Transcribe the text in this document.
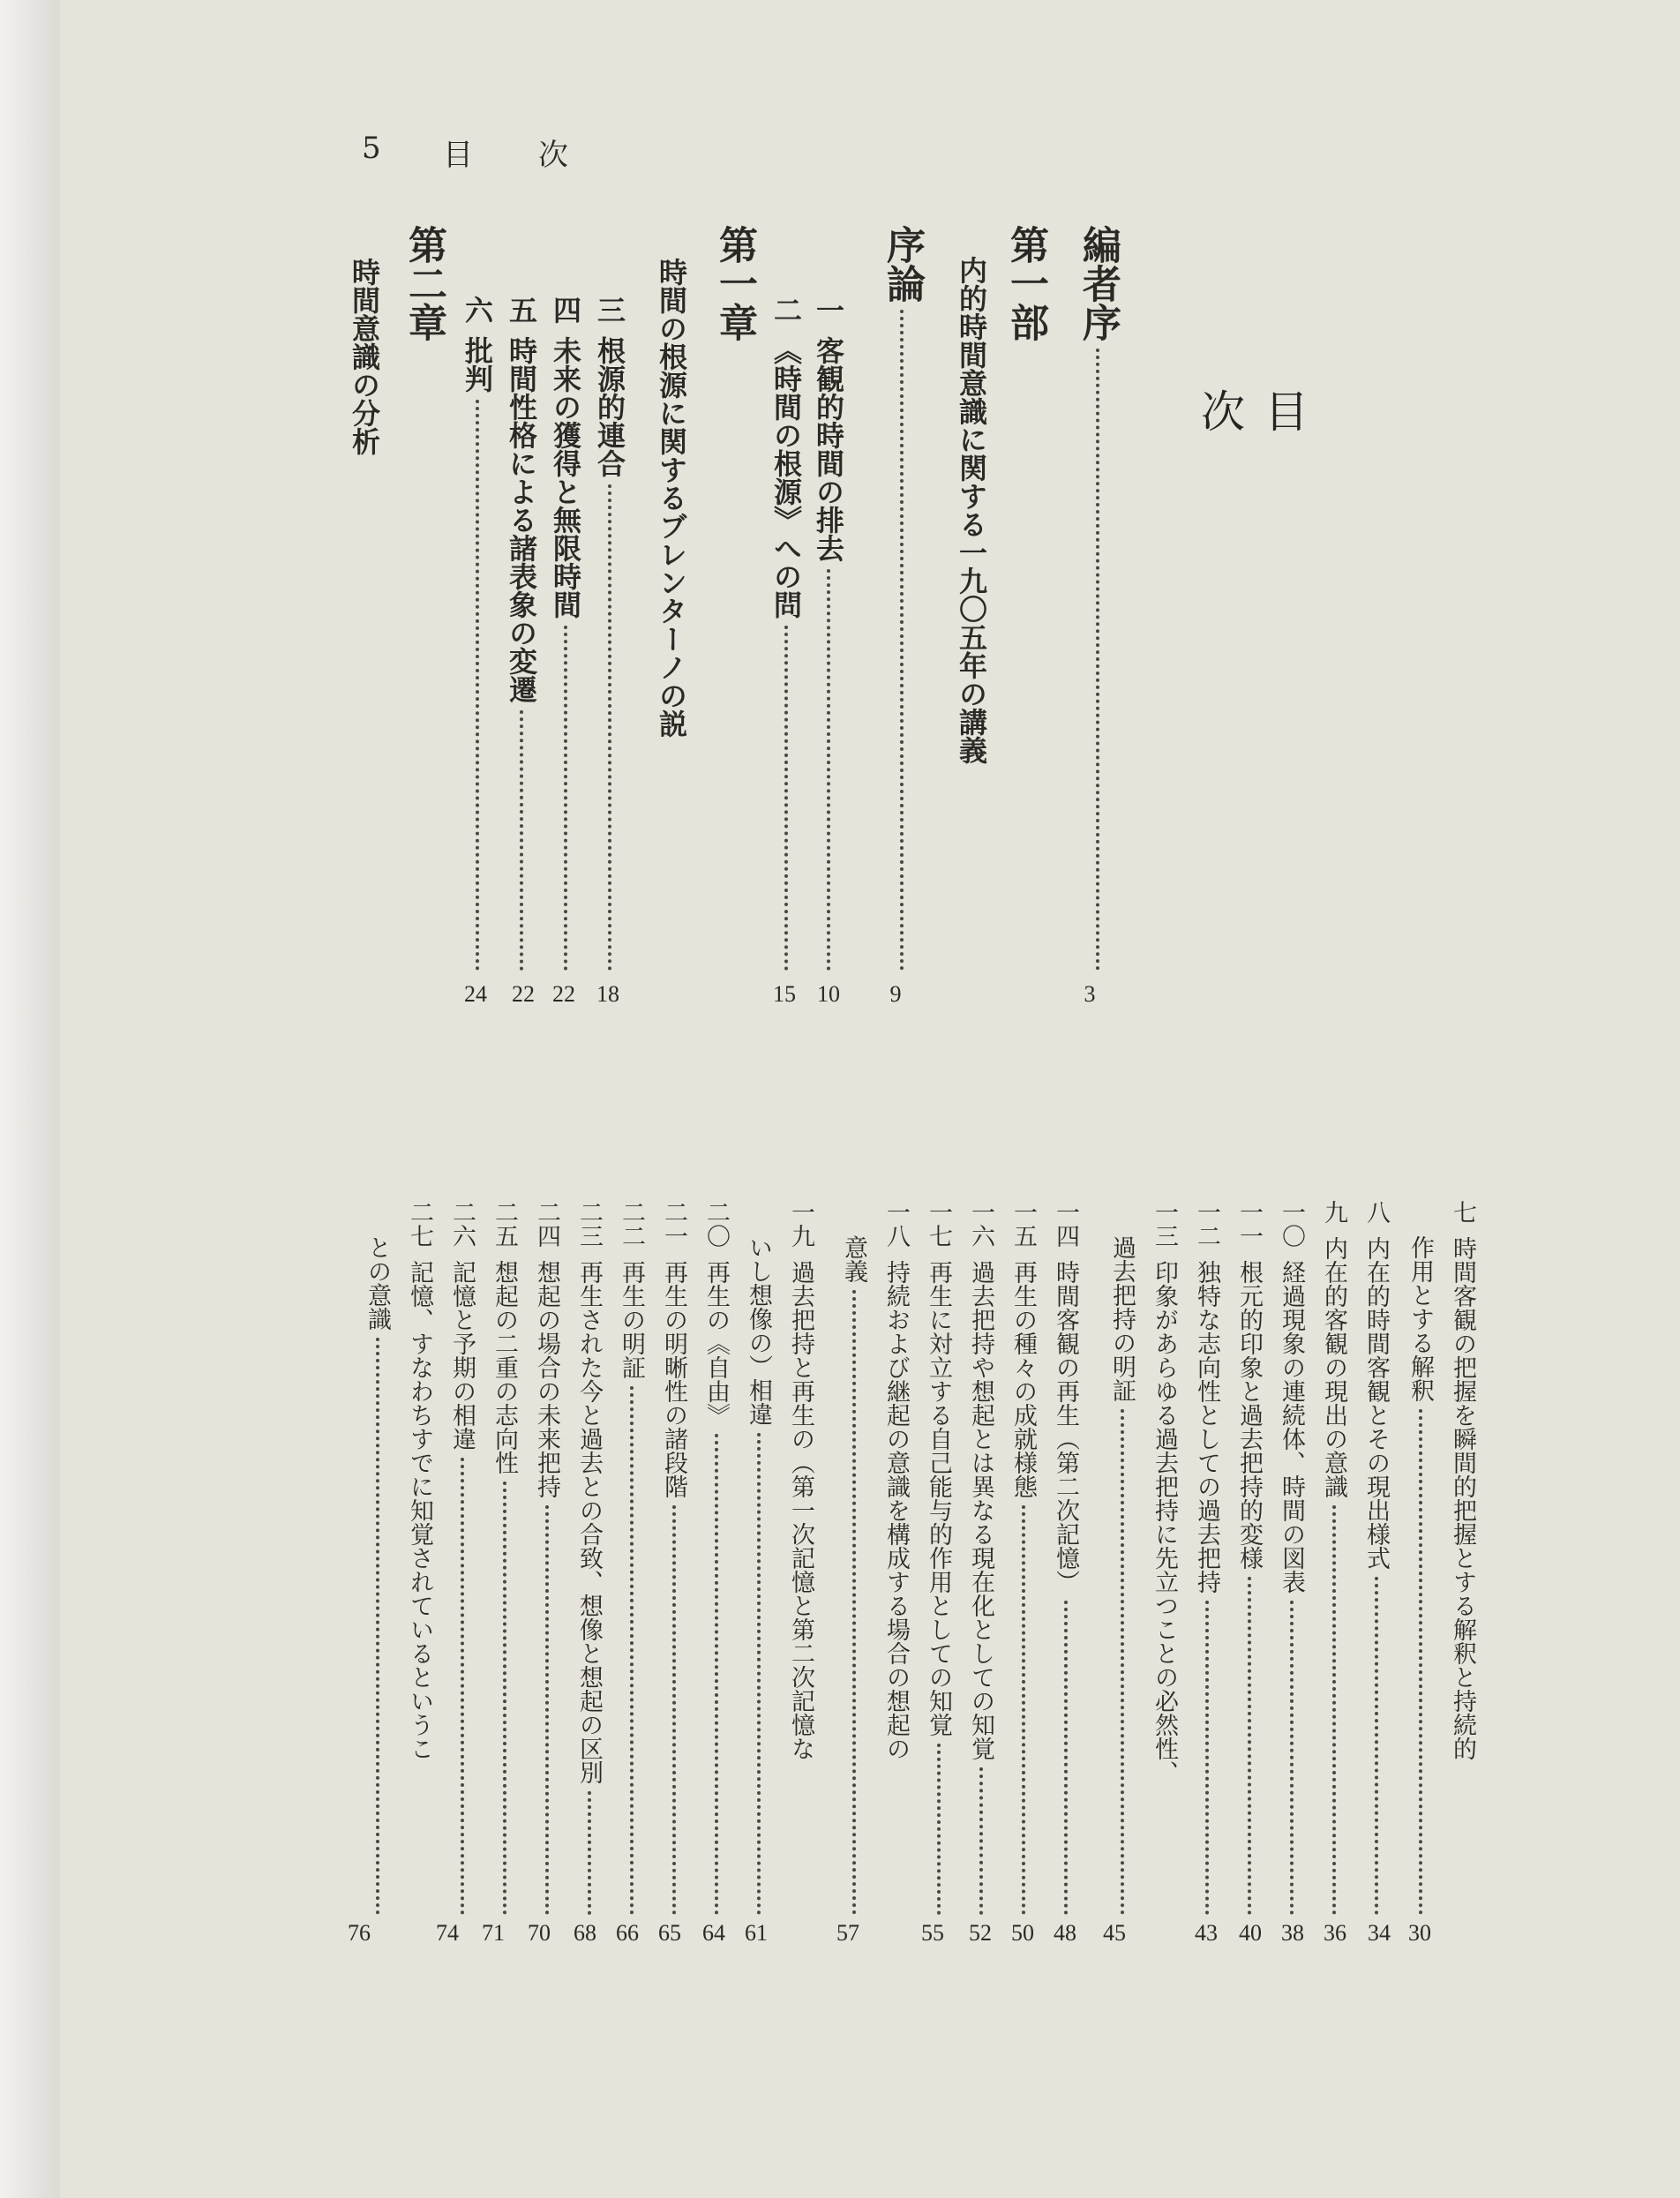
5 目 次
目次
編者序
3
第一部
内的時間意識に関する一九〇五年の講義
序論
9
一
客観的時間の排去
10
二
《時間の根源》への問
15
第一章
時間の根源に関するブレンターノの説
三
根源的連合
18
四
未来の獲得と無限時間
22
五
時間性格による諸表象の変遷
22
六
批判
24
第二章
時間意識の分析
七
時間客観の把握を瞬間的把握とする解釈と持続的
作用とする解釈
30
八
内在的時間客観とその現出様式
34
九
内在的客観の現出の意識
36
一〇
経過現象の連続体、時間の図表
38
一一
根元的印象と過去把持的変様
40
一二
独特な志向性としての過去把持
43
一三
印象があらゆる過去把持に先立つことの必然性、
過去把持の明証
45
一四
時間客観の再生（第二次記憶）
48
一五
再生の種々の成就様態
50
一六
過去把持や想起とは異なる現在化としての知覚
52
一七
再生に対立する自己能与的作用としての知覚
55
一八
持続および継起の意識を構成する場合の想起の
意義
57
一九
過去把持と再生の（第一次記憶と第二次記憶な
いし想像の）相違
61
二〇
再生の《自由》
64
二一
再生の明晰性の諸段階
65
二二
再生の明証
66
二三
再生された今と過去との合致、想像と想起の区別
68
二四
想起の場合の未来把持
70
二五
想起の二重の志向性
71
二六
記憶と予期の相違
74
二七
記憶、すなわちすでに知覚されているというこ
との意識
76
